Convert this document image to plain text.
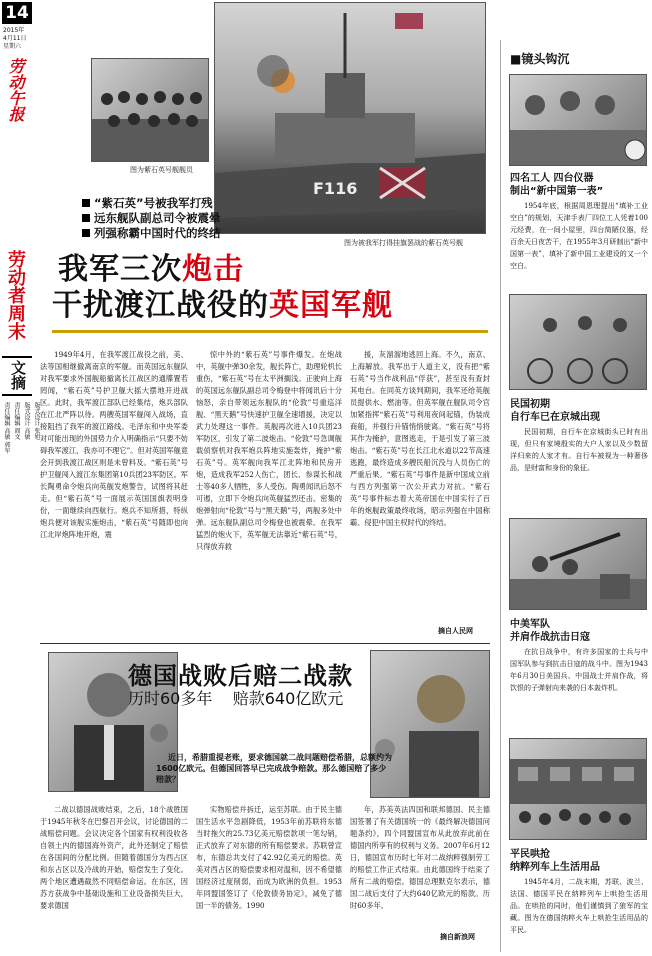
14
2015年
4月11日
星期六
劳动午报
劳动者周末
文摘
版式设计 张旭
版式设计 高敏
责任编辑 阎文
责任编辑 高敏 郭军
图为紫石英号舰舰员
F116
图为被我军打得挂旗罢战的紫石英号舰
“紫石英”号被我军打残
远东舰队副总司令被震晕
列强称霸中国时代的终结
我军三次炮击
干扰渡江战役的英国军舰

1949年4月，在我军渡江战役之前，美、法等国相继撤离南京的军舰。而英国远东舰队对我军要求外国舰船撤离长江战区的通牒置若罔闻，“紫石英”号护卫舰大摇大摆地开进战区。此时，我军渡江部队已经集结，炮兵部队在江北严阵以待。两艘英国军舰闯入战场，直接阻挡了我军的渡江路线。毛泽东和中央军委对可能出现的外国势力介入明确指示“只要不妨碍我军渡江，我亦可不理它”。但对英国军舰竟会开到我渡江战区则是未曾料及。“紫石英”号护卫舰闯入渡江东集团第10兵团23军防区。军长陶勇命令炮兵向英舰发炮警告，试图将其赶走。但“紫石英”号一面展示英国国旗表明身份，一面继续向西航行。炮兵不知所措，特纵炮兵便对该舰实施炮击，“紫石英”号随即也向江北岸炮阵地开炮，震

惊中外的“紫石英”号事件爆发。在炮战中，英舰中弹30余发，舰长阵亡，助理轮机长重伤，“紫石英”号在太平洲搁浅。正驶向上海的英国远东舰队副总司令梅登中将闻讯后十分恼怒，亲自带领远东舰队的“伦敦”号重巡洋舰、“黑天鹅”号快速护卫舰全速增援，决定以武力处理这一事件。英舰再次进入10兵团23军防区，引发了第二波炮击。“伦敦”号急调舰载侦察机对我军炮兵阵地实施轰炸，掩护“紫石英”号。英军舰向我军江北阵地和民房开炮，造成我军252人伤亡，团长、参谋长和战士等40多人牺牲，多人受伤。陶勇闻讯后怒不可遏，立即下令炮兵向英舰猛烈还击。密集的炮弹射向“伦敦”号与“黑天鹅”号，两舰多处中弹。远东舰队副总司令梅登也被震晕。在我军猛烈的炮火下，英军舰无法靠近“紫石英”号，只得放弃救

援，灰溜溜地逃回上海。不久，南京、上海解放。我军出于人道主义，没有把“紫石英”号当作战利品“俘获”，甚至没有查封其电台。在同英方谈判期间，我军还给英舰员提供水、燃油等。但英军舰在舰队司令官加紧指挥“紫石英”号利用夜间起锚，伪装成商船，并强行升锚悄悄驶离。“紫石英”号将其作为掩护，意图逃走，于是引发了第三波炮击。“紫石英”号在长江北水道以22节高速逃跑，最终造成多艘民船沉没与人员伤亡的严重后果。“紫石英”号事件是新中国成立前与西方列强第一次公开武力对抗。“紫石英”号事件标志着大英帝国在中国实行了百年的炮舰政策最终收场，昭示列强在中国称霸、侵犯中国主权时代的终结。

摘自人民网
德国战败后赔二战款
历时60多年    赔款640亿欧元
近日，希腊重提老账，要求德国就二战问题赔偿希腊，总额约为1600亿欧元。但德国回答早已完成战争赔款。那么德国赔了多少赔款？

二战以德国战败结束，之后，18个战胜国于1945年秋冬在巴黎召开会议，讨论德国的二战赔偿问题。会议决定各个国家有权利没收各自领土内的德国海外资产，此外还制定了赔偿在各国间的分配比例。但随着德国分为西占区和东占区以及冷战的开始，赔偿发生了变化。两个地区遭遇截然不同赔偿命运。在东区，因苏方获战争中基础设施和工业设备损失巨大，要求德国

实物赔偿并拆迁，运至苏联。由于民主德国生活水平急剧降低，1953年前苏联将东德当时拖欠的25.73亿美元赔偿款项一笔勾销，正式放弃了对东德的所有赔偿要求。苏联曾宣布，东德总共支付了42.92亿美元的赔偿。英美对西占区的赔偿要求相对温和，因不希望德国经济过度削弱，而成为欧洲的负担。1953年同盟国签订了《伦敦债务协定》，减免了德国一半的债务。1990

年，苏美英法四国和联邦德国、民主德国签署了有关德国统一的《最终解决德国问题条约》，四个同盟国宣布从此放弃此前在德国内所享有的权利与义务。2007年6月12日，德国宣布历时七年对二战纳粹强制劳工的赔偿工作正式结束。由此德国终于结束了所有二战的赔偿。德国总理默克尔表示，德国二战后支付了大约640亿欧元的赔款。历时60多年。

摘自新浪网
■镜头钩沉
四名工人 四台仪器
制出“新中国第一表”
1954年底，根据周恩理提出“填补工业空白”的规划，天津手表厂四位工人凭着100元经费，在一间小屋里，四台简陋仪器，经百余天日夜苦干，在1955年3月研制出“新中国第一表”，填补了新中国工业建设的又一个空白。
民国初期
自行车已在京城出现
民国初期，自行车在京城街头已时有出现，但只有家境殷实的大户人家以及少数留洋归来的人家才有。自行车被视为一种奢侈品，是财富和身份的象征。
中美军队
并肩作战抗击日寇
在抗日战争中，有许多国家的士兵与中国军队参与到抗击日寇的战斗中。图为1943年6月30日美国兵、中国战士并肩作战，将饮恨的子弹射向来袭的日本轰炸机。
平民哄抢
纳粹列车上生活用品
1945年4月，二战末期，苏联、波兰、法国、德国平民在纳粹列车上哄抢生活用品。在哄抢的同时，他们谨慎到了狼军的宝藏。图为在德国纳粹火车上哄抢生活用品的平民。
